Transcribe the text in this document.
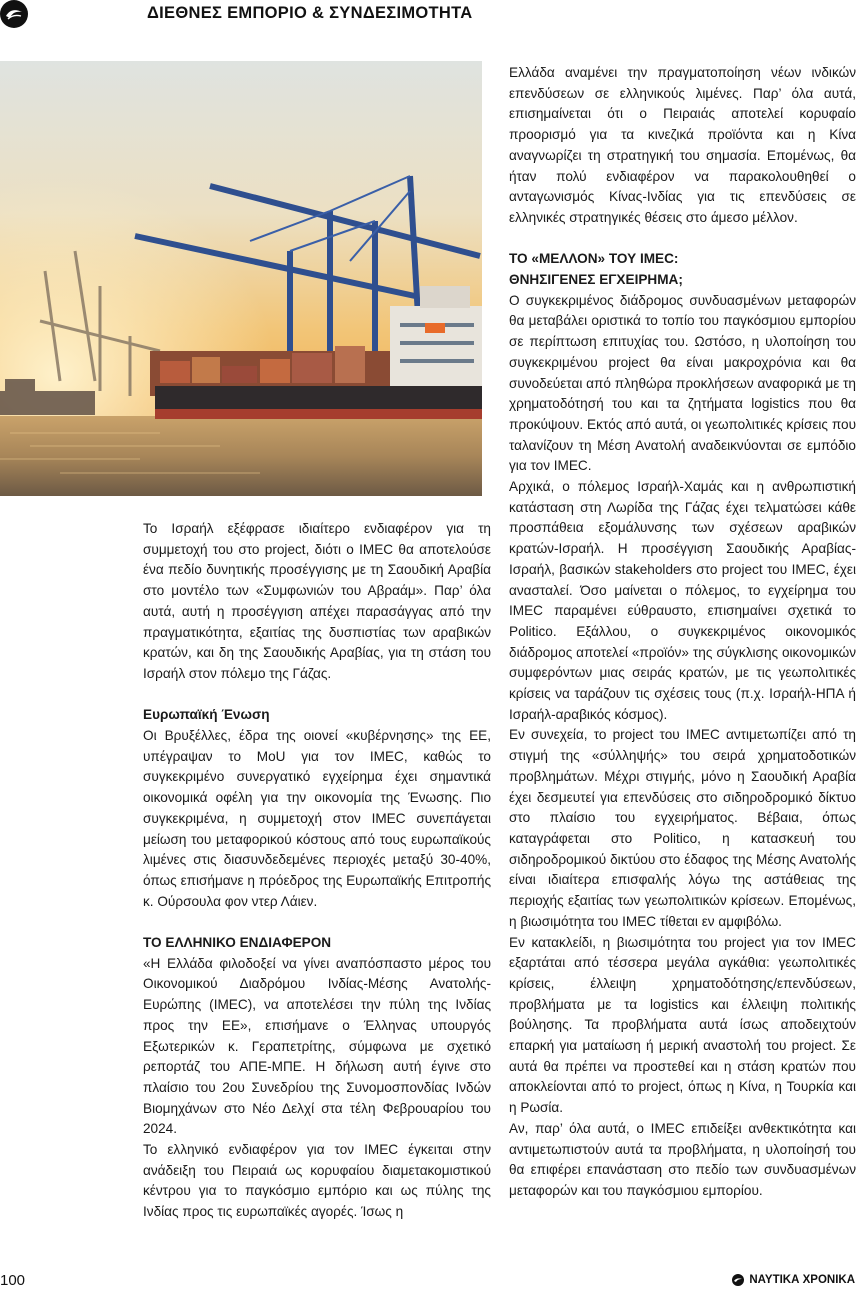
ΔΙΕΘΝΕΣ ΕΜΠΟΡΙΟ & ΣΥΝΔΕΣΙΜΟΤΗΤΑ

Το Ισραήλ εξέφρασε ιδιαίτερο ενδιαφέρον για τη συμμετοχή του στο project, διότι ο IMEC θα αποτελούσε ένα πεδίο δυνητικής προσέγγισης με τη Σαουδική Αραβία στο μοντέλο των «Συμφωνιών του Αβραάμ». Παρ’ όλα αυτά, αυτή η προσέγγιση απέχει παρασάγγας από την πραγματικότητα, εξαιτίας της δυσπιστίας των αραβικών κρατών, και δη της Σαουδικής Αραβίας, για τη στάση του Ισραήλ στον πόλεμο της Γάζας.

Ευρωπαϊκή Ένωση

Οι Βρυξέλλες, έδρα της οιονεί «κυβέρνησης» της ΕΕ, υπέγραψαν το MoU για τον IMEC, καθώς το συγκεκριμένο συνεργατικό εγχείρημα έχει σημαντικά οικονομικά οφέλη για την οικονομία της Ένωσης. Πιο συγκεκριμένα, η συμμετοχή στον IMEC συνεπάγεται μείωση του μεταφορικού κόστους από τους ευρωπαϊκούς λιμένες στις διασυνδεδεμένες περιοχές μεταξύ 30-40%, όπως επισήμανε η πρόεδρος της Ευρωπαϊκής Επιτροπής κ. Ούρσουλα φον ντερ Λάιεν.

ΤΟ ΕΛΛΗΝΙΚΟ ΕΝΔΙΑΦΕΡΟΝ

«Η Ελλάδα φιλοδοξεί να γίνει αναπόσπαστο μέρος του Οικονομικού Διαδρόμου Ινδίας-Μέσης Ανατολής-Ευρώπης (IMEC), να αποτελέσει την πύλη της Ινδίας προς την ΕΕ», επισήμανε ο Έλληνας υπουργός Εξωτερικών κ. Γεραπετρίτης, σύμφωνα με σχετικό ρεπορτάζ του ΑΠΕ-ΜΠΕ. Η δήλωση αυτή έγινε στο πλαίσιο του 2ου Συνεδρίου της Συνομοσπονδίας Ινδών Βιομηχάνων στο Νέο Δελχί στα τέλη Φεβρουαρίου του 2024.

Το ελληνικό ενδιαφέρον για τον IMEC έγκειται στην ανάδειξη του Πειραιά ως κορυφαίου διαμετακομιστικού κέντρου για το παγκόσμιο εμπόριο και ως πύλης της Ινδίας προς τις ευρωπαϊκές αγορές. Ίσως η

Ελλάδα αναμένει την πραγματοποίηση νέων ινδικών επενδύσεων σε ελληνικούς λιμένες. Παρ’ όλα αυτά, επισημαίνεται ότι ο Πειραιάς αποτελεί κορυφαίο προορισμό για τα κινεζικά προϊόντα και η Κίνα αναγνωρίζει τη στρατηγική του σημασία. Επομένως, θα ήταν πολύ ενδιαφέρον να παρακολουθηθεί ο ανταγωνισμός Κίνας-Ινδίας για τις επενδύσεις σε ελληνικές στρατηγικές θέσεις στο άμεσο μέλλον.

ΤΟ «ΜΕΛΛΟΝ» ΤΟΥ IMEC:
ΘΝΗΣΙΓΕΝΕΣ ΕΓΧΕΙΡΗΜΑ;

Ο συγκεκριμένος διάδρομος συνδυασμένων μεταφορών θα μεταβάλει οριστικά το τοπίο του παγκόσμιου εμπορίου σε περίπτωση επιτυχίας του. Ωστόσο, η υλοποίηση του συγκεκριμένου project θα είναι μακροχρόνια και θα συνοδεύεται από πληθώρα προκλήσεων αναφορικά με τη χρηματοδότησή του και τα ζητήματα logistics που θα προκύψουν. Εκτός από αυτά, οι γεωπολιτικές κρίσεις που ταλανίζουν τη Μέση Ανατολή αναδεικνύονται σε εμπόδιο για τον IMEC.

Αρχικά, ο πόλεμος Ισραήλ-Χαμάς και η ανθρωπιστική κατάσταση στη Λωρίδα της Γάζας έχει τελματώσει κάθε προσπάθεια εξομάλυνσης των σχέσεων αραβικών κρατών-Ισραήλ. Η προσέγγιση Σαουδικής Αραβίας-Ισραήλ, βασικών stakeholders στο project του IMEC, έχει ανασταλεί. Όσο μαίνεται ο πόλεμος, το εγχείρημα του IMEC παραμένει εύθραυστο, επισημαίνει σχετικά το Politico. Εξάλλου, ο συγκεκριμένος οικονομικός διάδρομος αποτελεί «προϊόν» της σύγκλισης οικονομικών συμφερόντων μιας σειράς κρατών, με τις γεωπολιτικές κρίσεις να ταράζουν τις σχέσεις τους (π.χ. Ισραήλ-ΗΠΑ ή Ισραήλ-αραβικός κόσμος).

Εν συνεχεία, το project του IMEC αντιμετωπίζει από τη στιγμή της «σύλληψής» του σειρά χρηματοδοτικών προβλημάτων. Μέχρι στιγμής, μόνο η Σαουδική Αραβία έχει δεσμευτεί για επενδύσεις στο σιδηροδρομικό δίκτυο στο πλαίσιο του εγχειρήματος. Βέβαια, όπως καταγράφεται στο Politico, η κατασκευή του σιδηροδρομικού δικτύου στο έδαφος της Μέσης Ανατολής είναι ιδιαίτερα επισφαλής λόγω της αστάθειας της περιοχής εξαιτίας των γεωπολιτικών κρίσεων. Επομένως, η βιωσιμότητα του IMEC τίθεται εν αμφιβόλω.

Εν κατακλείδι, η βιωσιμότητα του project για τον IMEC εξαρτάται από τέσσερα μεγάλα αγκάθια: γεωπολιτικές κρίσεις, έλλειψη χρηματοδότησης/επενδύσεων, προβλήματα με τα logistics και έλλειψη πολιτικής βούλησης. Τα προβλήματα αυτά ίσως αποδειχτούν επαρκή για ματαίωση ή μερική αναστολή του project. Σε αυτά θα πρέπει να προστεθεί και η στάση κρατών που αποκλείονται από το project, όπως η Κίνα, η Τουρκία και η Ρωσία.

Αν, παρ’ όλα αυτά, ο IMEC επιδείξει ανθεκτικότητα και αντιμετωπιστούν αυτά τα προβλήματα, η υλοποίησή του θα επιφέρει επανάσταση στο πεδίο των συνδυασμένων μεταφορών και του παγκόσμιου εμπορίου.

100	ΝΑΥΤΙΚΑ ΧΡΟΝΙΚΑ
